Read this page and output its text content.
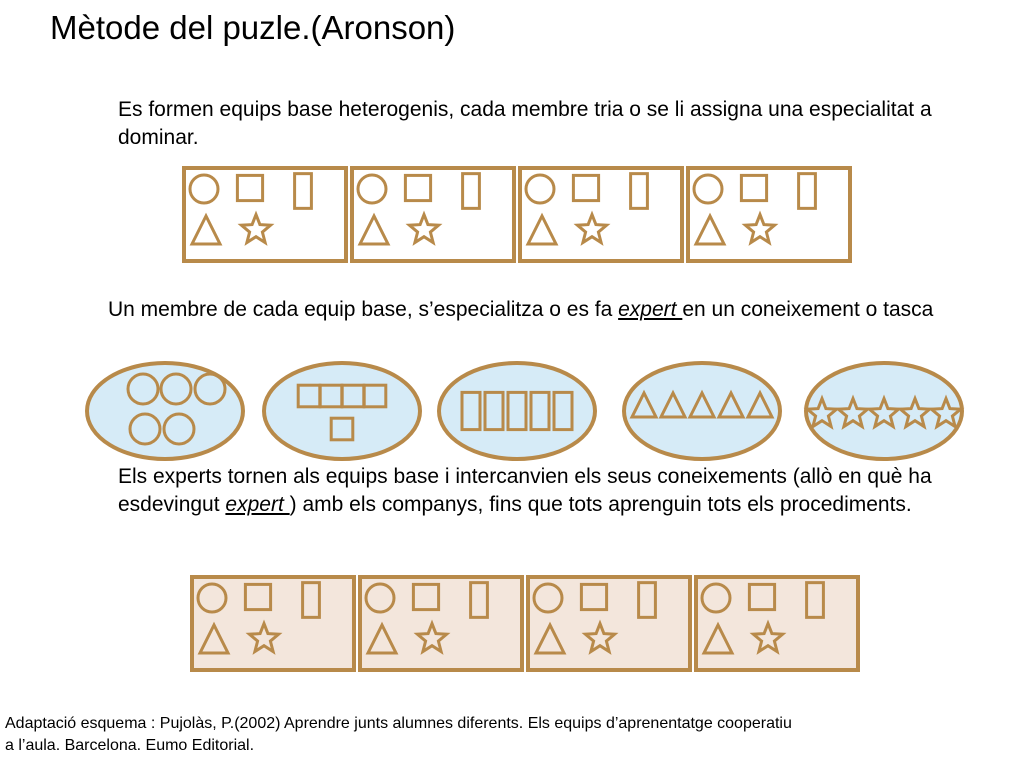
Mètode del puzle.(Aronson)
Es formen equips base heterogenis, cada membre tria o se li assigna una especialitat a dominar.
Un membre de cada equip base, s’especialitza o es fa expert en un coneixement o tasca
Els experts tornen als equips base i intercanvien els seus coneixements (allò en què ha esdevingut expert ) amb els companys, fins que tots aprenguin tots els procediments.
Adaptació esquema : Pujolàs, P.(2002) Aprendre junts alumnes diferents. Els equips d’aprenentatge cooperatiu
a l’aula. Barcelona. Eumo Editorial.
